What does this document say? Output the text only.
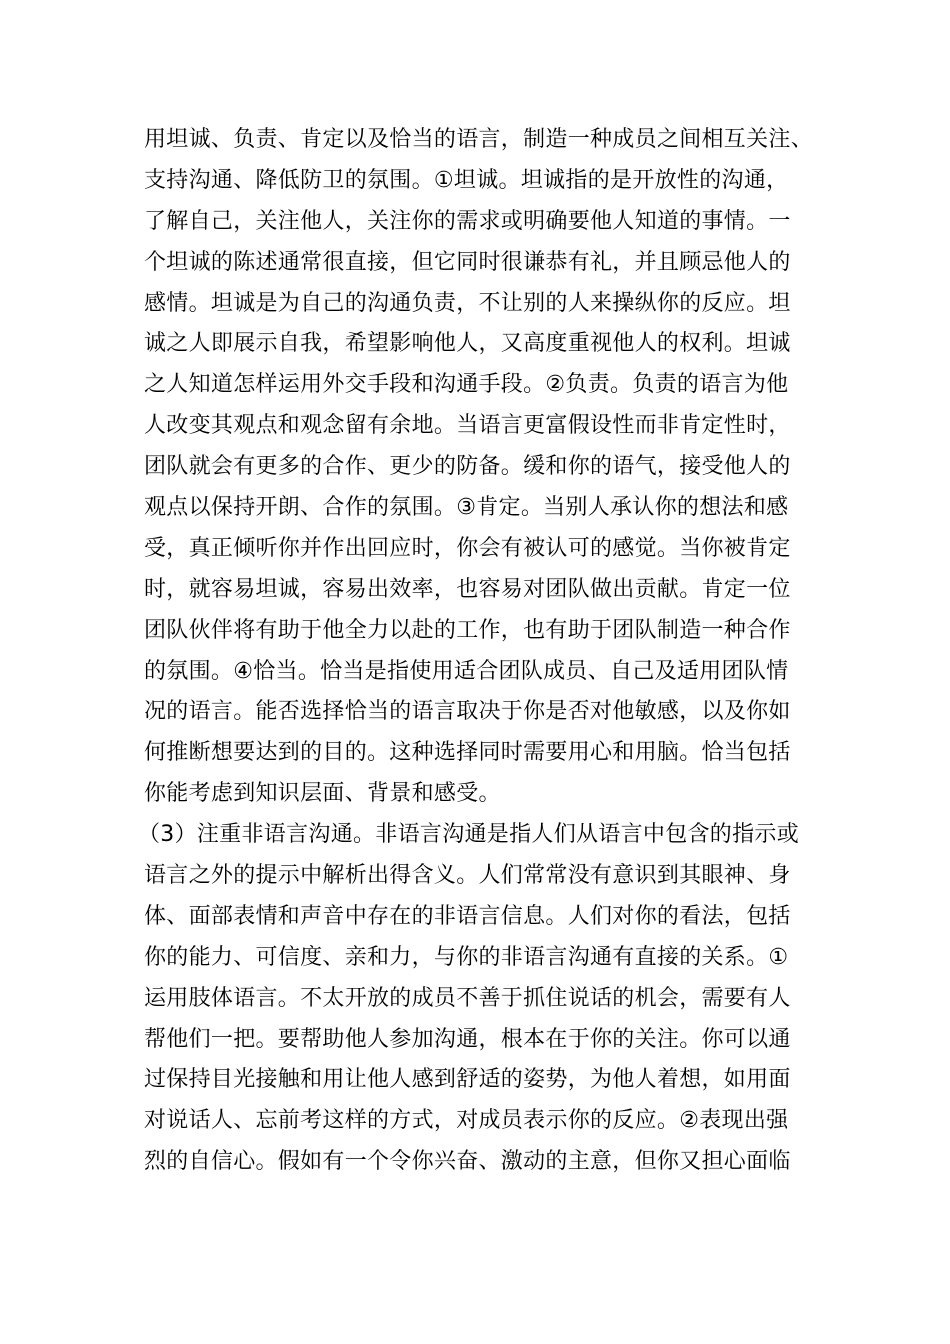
用坦诚、负责、肯定以及恰当的语言，制造一种成员之间相互关注、
支持沟通、降低防卫的氛围。①坦诚。坦诚指的是开放性的沟通，
了解自己，关注他人，关注你的需求或明确要他人知道的事情。一
个坦诚的陈述通常很直接，但它同时很谦恭有礼，并且顾忌他人的
感情。坦诚是为自己的沟通负责，不让别的人来操纵你的反应。坦
诚之人即展示自我，希望影响他人，又高度重视他人的权利。坦诚
之人知道怎样运用外交手段和沟通手段。②负责。负责的语言为他
人改变其观点和观念留有余地。当语言更富假设性而非肯定性时，
团队就会有更多的合作、更少的防备。缓和你的语气，接受他人的
观点以保持开朗、合作的氛围。③肯定。当别人承认你的想法和感
受，真正倾听你并作出回应时，你会有被认可的感觉。当你被肯定
时，就容易坦诚，容易出效率，也容易对团队做出贡献。肯定一位
团队伙伴将有助于他全力以赴的工作，也有助于团队制造一种合作
的氛围。④恰当。恰当是指使用适合团队成员、自己及适用团队情
况的语言。能否选择恰当的语言取决于你是否对他敏感，以及你如
何推断想要达到的目的。这种选择同时需要用心和用脑。恰当包括
你能考虑到知识层面、背景和感受。
（3）注重非语言沟通。非语言沟通是指人们从语言中包含的指示或
语言之外的提示中解析出得含义。人们常常没有意识到其眼神、身
体、面部表情和声音中存在的非语言信息。人们对你的看法，包括
你的能力、可信度、亲和力，与你的非语言沟通有直接的关系。①
运用肢体语言。不太开放的成员不善于抓住说话的机会，需要有人
帮他们一把。要帮助他人参加沟通，根本在于你的关注。你可以通
过保持目光接触和用让他人感到舒适的姿势，为他人着想，如用面
对说话人、忘前考这样的方式，对成员表示你的反应。②表现出强
烈的自信心。假如有一个令你兴奋、激动的主意，但你又担心面临
